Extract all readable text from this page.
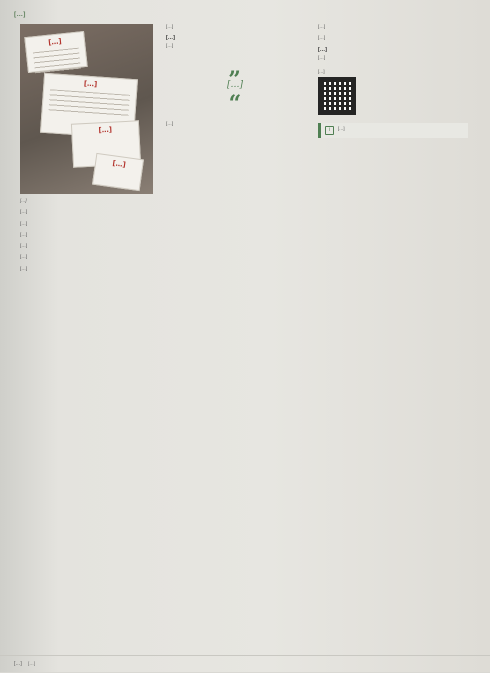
[…]
[…]
[…]
[…]
[…]
[…]

[…]

[…]

[…]

[…]

[…]

[…]

[…]

[…]

[…]

„
[…]
“

[…]

[…]

[…]

[…]

[…]

[…]
i	[…]
[…] […]
